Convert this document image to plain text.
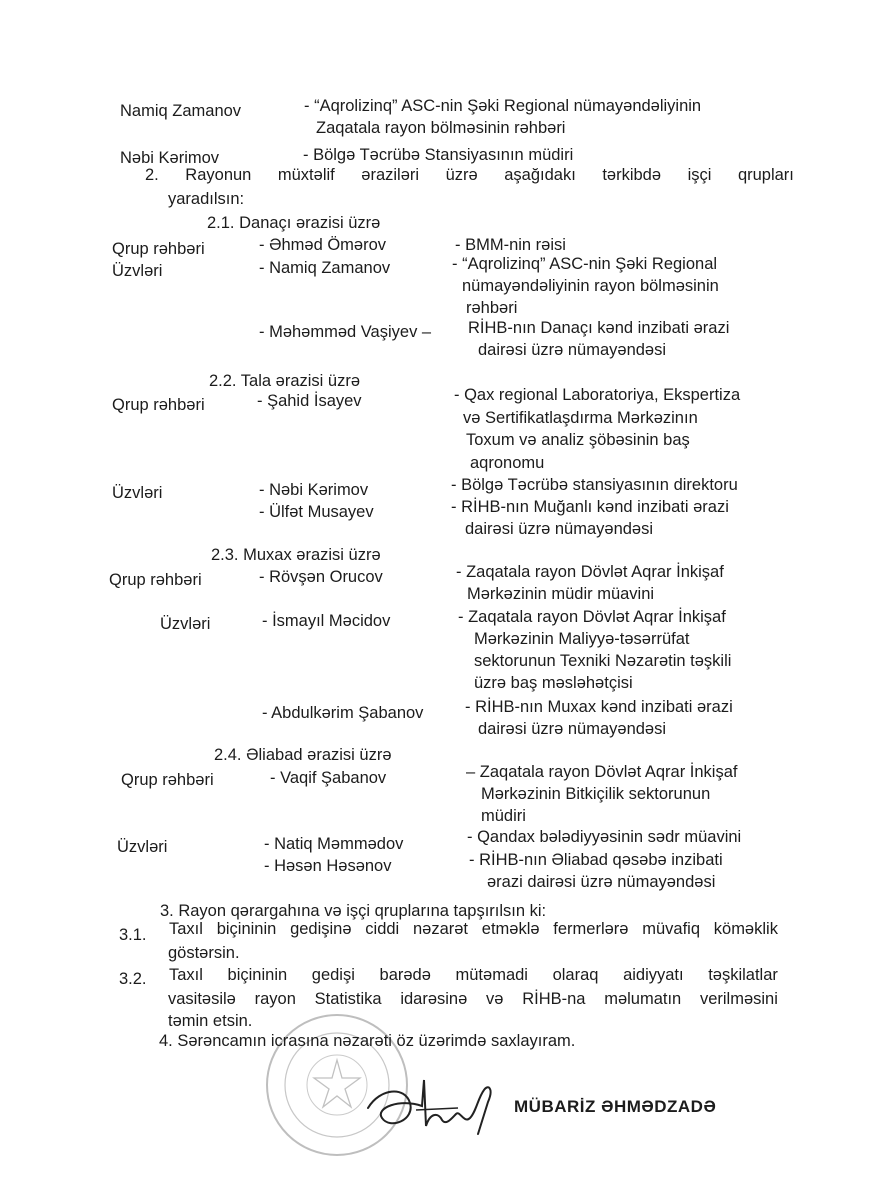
Namiq Zamanov	- “Aqrolizinq” ASC-nin Şəki Regional nümayəndəliyinin
Zaqatala rayon bölməsinin rəhbəri
Nəbi Kərimov	- Bölgə Təcrübə Stansiyasının müdiri
2. Rayonun müxtəlif əraziləri üzrə aşağıdakı tərkibdə işçi qrupları
yaradılsın:
2.1. Danaçı ərazisi üzrə
Qrup rəhbəri	- Əhməd Ömərov	- BMM-nin rəisi
Üzvləri	- Namiq Zamanov	- “Aqrolizinq” ASC-nin Şəki Regional
nümayəndəliyinin rayon bölməsinin
rəhbəri
- Məhəmməd Vaşiyev – RİHB-nın Danaçı kənd inzibati ərazi
dairəsi üzrə nümayəndəsi
2.2. Tala ərazisi üzrə
Qrup rəhbəri	- Şahid İsayev	- Qax regional Laboratoriya, Ekspertiza
və Sertifikatlaşdırma Mərkəzinın
Toxum və analiz şöbəsinin baş
aqronomu
Üzvləri	- Nəbi Kərimov	- Bölgə Təcrübə stansiyasının direktoru
- Ülfət Musayev	- RİHB-nın Muğanlı kənd inzibati ərazi
dairəsi üzrə nümayəndəsi
2.3. Muxax ərazisi üzrə
Qrup rəhbəri	- Rövşən Orucov	- Zaqatala rayon Dövlət Aqrar İnkişaf
Mərkəzinin müdir müavini
Üzvləri	- İsmayıl Məcidov	- Zaqatala rayon Dövlət Aqrar İnkişaf
Mərkəzinin Maliyyə-təsərrüfat
sektorunun Texniki Nəzarətin təşkili
üzrə baş məsləhətçisi
- Abdulkərim Şabanov	- RİHB-nın Muxax kənd inzibati ərazi
dairəsi üzrə nümayəndəsi
2.4. Əliabad ərazisi üzrə
Qrup rəhbəri	- Vaqif Şabanov	– Zaqatala rayon Dövlət Aqrar İnkişaf
Mərkəzinin Bitkiçilik sektorunun
müdiri
Üzvləri	- Natiq Məmmədov	- Qandax bələdiyyəsinin sədr müavini
- Həsən Həsənov	- RİHB-nın Əliabad qəsəbə inzibati
ərazi dairəsi üzrə nümayəndəsi
3. Rayon qərargahına və işçi qruplarına tapşırılsın ki:
3.1. Taxıl biçininin gedişinə ciddi nəzarət etməklə fermerlərə müvafiq köməklik
göstərsin.
3.2. Taxıl biçininin gedişi barədə mütəmadi olaraq aidiyyatı təşkilatlar
vasitəsilə rayon Statistika idarəsinə və RİHB-na məlumatın verilməsini
təmin etsin.
4. Sərəncamın icrasına nəzarəti öz üzərimdə saxlayıram.
MÜBARİZ ƏHMƏDZADƏ
